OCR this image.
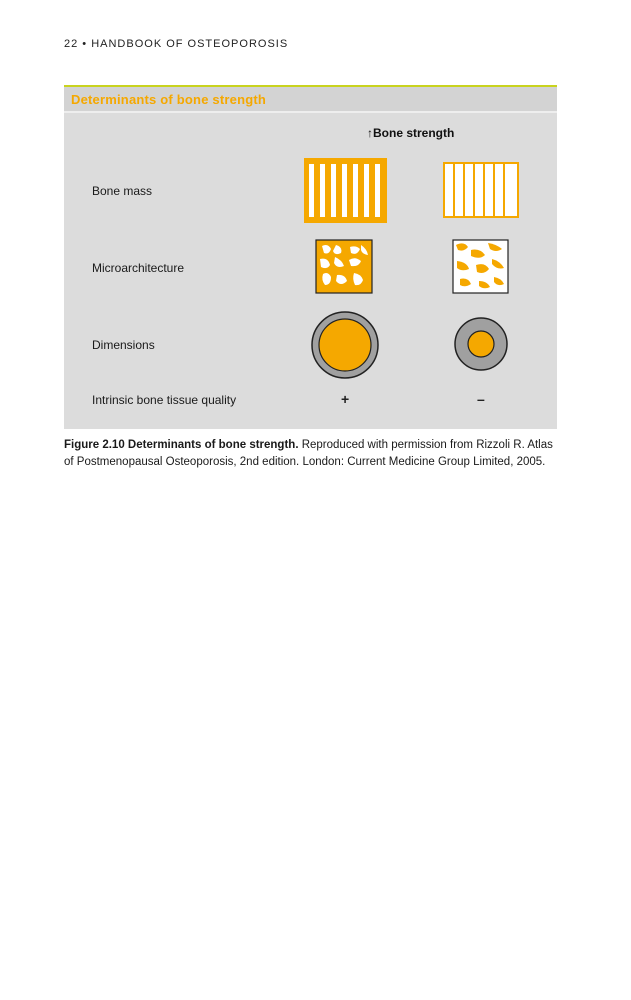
22 • HANDBOOK OF OSTEOPOROSIS
Determinants of bone strength
↑Bone strength
Bone mass
Microarchitecture
Dimensions
Intrinsic bone tissue quality	+	–
Figure 2.10 Determinants of bone strength. Reproduced with permission from Rizzoli R. Atlas of Postmenopausal Osteoporosis, 2nd edition. London: Current Medicine Group Limited, 2005.
